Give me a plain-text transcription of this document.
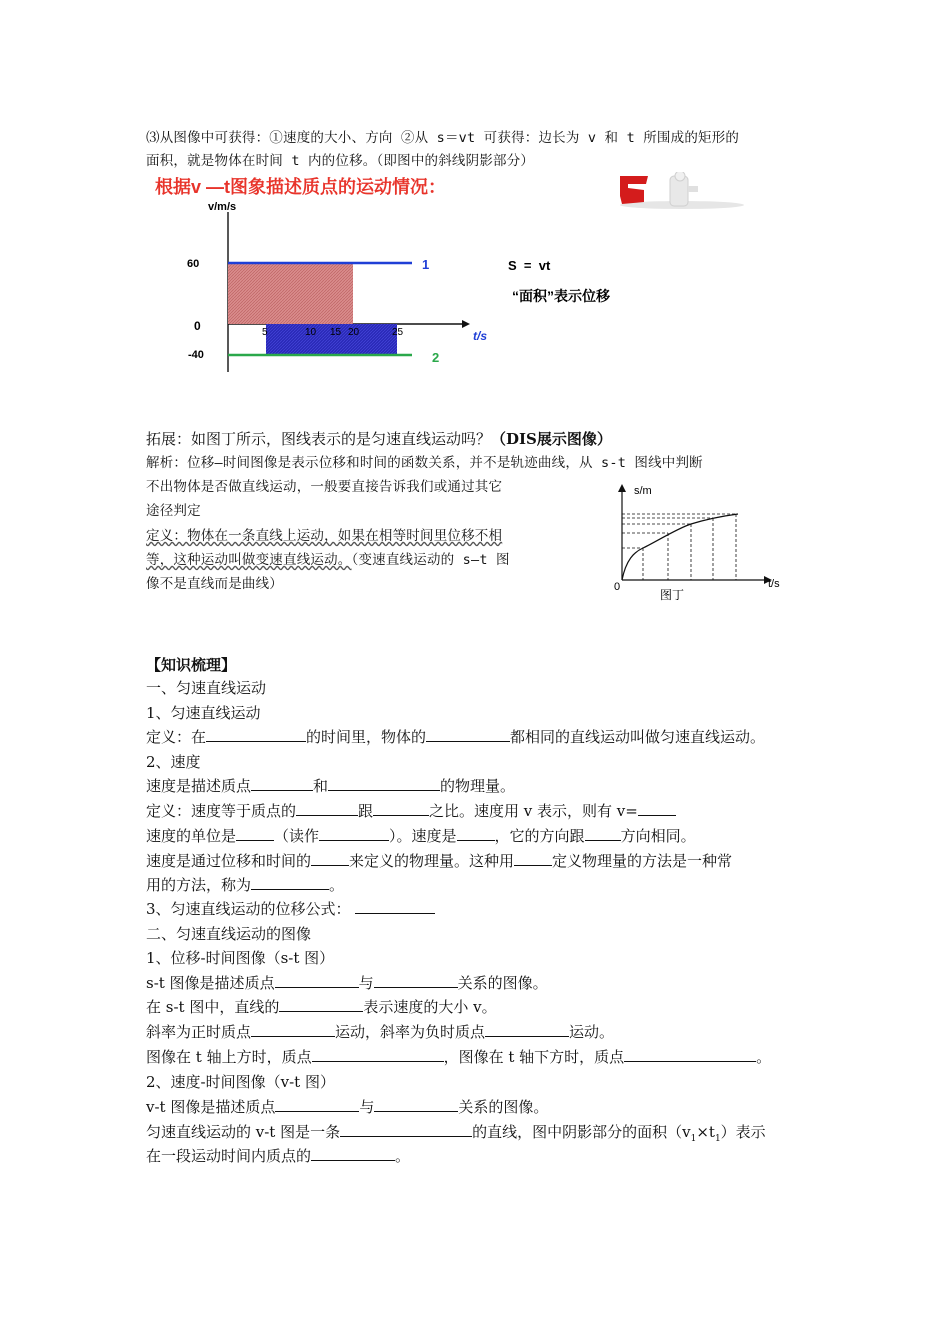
⑶从图像中可获得：①速度的大小、方向 ②从 s＝vt 可获得：边长为 v 和 t 所围成的矩形的
面积，就是物体在时间 t 内的位移。（即图中的斜线阴影部分）
根据v —t图象描述质点的运动情况：
v/m/s
1
2
60
0
-40
5	10 15 20	25	t/s
S  =  vt
“面积”表示位移
拓展：如图丁所示，图线表示的是匀速直线运动吗？（DIS展示图像）
解析：位移—时间图像是表示位移和时间的函数关系，并不是轨迹曲线，从 s-t 图线中判断
不出物体是否做直线运动，一般要直接告诉我们或通过其它
途径判定
定义：物体在一条直线上运动，如果在相等时间里位移不相
等，这种运动叫做变速直线运动。（变速直线运动的 s—t 图
像不是直线而是曲线）
s/m
t/s
0
图丁
【知识梳理】
一、匀速直线运动
1、匀速直线运动
定义：在	的时间里，物体的	都相同的直线运动叫做匀速直线运动。
2、速度
速度是描述质点	和	的物理量。
定义：速度等于质点的	跟	之比。速度用 v 表示，则有 v=
速度的单位是	（读作	）。速度是	，它的方向跟 方向相同。
速度是通过位移和时间的	来定义的物理量。这种用	定义物理量的方法是一种常
用的方法，称为	。
3、匀速直线运动的位移公式：
二、匀速直线运动的图像
1、位移-时间图像（s-t 图）
s-t 图像是描述质点	与	关系的图像。
在 s-t 图中，直线的	表示速度的大小 v。
斜率为正时质点	运动，斜率为负时质点	运动。
图像在 t 轴上方时，质点	，图像在 t 轴下方时，质点	。
2、速度-时间图像（v-t 图）
v-t 图像是描述质点	与	关系的图像。
匀速直线运动的 v-t 图是一条	的直线，图中阴影部分的面积$(v_1\times t_1)$表示
在一段运动时间内质点的	。
